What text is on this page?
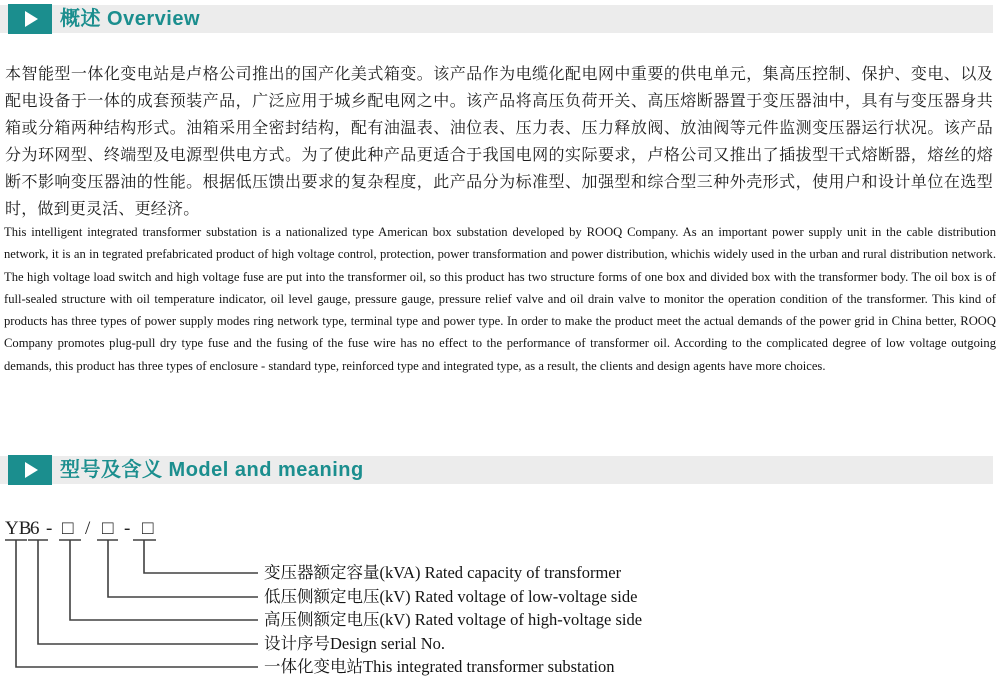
概述 Overview
本智能型一体化变电站是卢格公司推出的国产化美式箱变。该产品作为电缆化配电网中重要的供电单元，集高压控制、保护、变电、以及配电设备于一体的成套预装产品，广泛应用于城乡配电网之中。该产品将高压负荷开关、高压熔断器置于变压器油中，具有与变压器身共箱或分箱两种结构形式。油箱采用全密封结构，配有油温表、油位表、压力表、压力释放阀、放油阀等元件监测变压器运行状况。该产品分为环网型、终端型及电源型供电方式。为了使此种产品更适合于我国电网的实际要求，卢格公司又推出了插拔型干式熔断器，熔丝的熔断不影响变压器油的性能。根据低压馈出要求的复杂程度，此产品分为标准型、加强型和综合型三种外壳形式，使用户和设计单位在选型时，做到更灵活、更经济。
This intelligent integrated transformer substation is a nationalized type American box substation developed by ROOQ Company. As an important power supply unit in the cable distribution network, it is an in tegrated prefabricated product of high voltage control, protection, power transformation and power distribution, whichis widely used in the urban and rural distribution network. The high voltage load switch and high voltage fuse are put into the transformer oil, so this product has two structure forms of one box and divided box with the transformer body. The oil box is of full-sealed structure with oil temperature indicator, oil level gauge, pressure gauge, pressure relief valve and oil drain valve to monitor the operation condition of the transformer. This kind of products has three types of power supply modes ring network type, terminal type and power type. In order to make the product meet the actual demands of the power grid in China better, ROOQ Company promotes plug-pull dry type fuse and the fusing of the fuse wire has no effect to the performance of transformer oil. According to the complicated degree of low voltage outgoing demands, this product has three types of enclosure - standard type, reinforced type and integrated type, as a result, the clients and design agents have more choices.
型号及含义 Model and meaning
YB
6 - □ / □ - □
变压器额定容量(kVA) Rated capacity of transformer
低压侧额定电压(kV) Rated voltage of low-voltage side
高压侧额定电压(kV) Rated voltage of high-voltage side
设计序号Design serial No.
一体化变电站This integrated transformer substation
